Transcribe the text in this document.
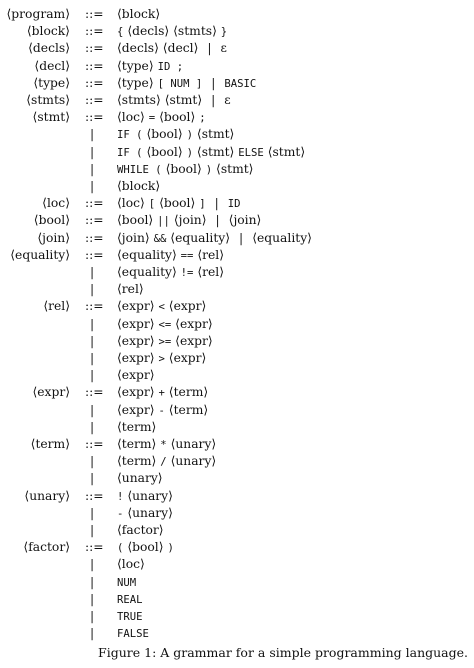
⟨program⟩ ::= ⟨block⟩
⟨block⟩ ::= { ⟨decls⟩ ⟨stmts⟩ }
⟨decls⟩ ::= ⟨decls⟩ ⟨decl⟩ | ε
⟨decl⟩ ::= ⟨type⟩ ID ;
⟨type⟩ ::= ⟨type⟩ [ NUM ] | BASIC
⟨stmts⟩ ::= ⟨stmts⟩ ⟨stmt⟩ | ε
⟨stmt⟩ ::= ⟨loc⟩ = ⟨bool⟩ ;
| IF ( ⟨bool⟩ ) ⟨stmt⟩
| IF ( ⟨bool⟩ ) ⟨stmt⟩ ELSE ⟨stmt⟩
| WHILE ( ⟨bool⟩ ) ⟨stmt⟩
| ⟨block⟩
⟨loc⟩ ::= ⟨loc⟩ [ ⟨bool⟩ ] | ID
⟨bool⟩ ::= ⟨bool⟩ || ⟨join⟩ | ⟨join⟩
⟨join⟩ ::= ⟨join⟩ && ⟨equality⟩ | ⟨equality⟩
⟨equality⟩ ::= ⟨equality⟩ == ⟨rel⟩
| ⟨equality⟩ != ⟨rel⟩
| ⟨rel⟩
⟨rel⟩ ::= ⟨expr⟩ < ⟨expr⟩
| ⟨expr⟩ <= ⟨expr⟩
| ⟨expr⟩ >= ⟨expr⟩
| ⟨expr⟩ > ⟨expr⟩
| ⟨expr⟩
⟨expr⟩ ::= ⟨expr⟩ + ⟨term⟩
| ⟨expr⟩ - ⟨term⟩
| ⟨term⟩
⟨term⟩ ::= ⟨term⟩ * ⟨unary⟩
| ⟨term⟩ / ⟨unary⟩
| ⟨unary⟩
⟨unary⟩ ::= ! ⟨unary⟩
| - ⟨unary⟩
| ⟨factor⟩
⟨factor⟩ ::= ( ⟨bool⟩ )
| ⟨loc⟩
| NUM
| REAL
| TRUE
| FALSE
Figure 1: A grammar for a simple programming language.
